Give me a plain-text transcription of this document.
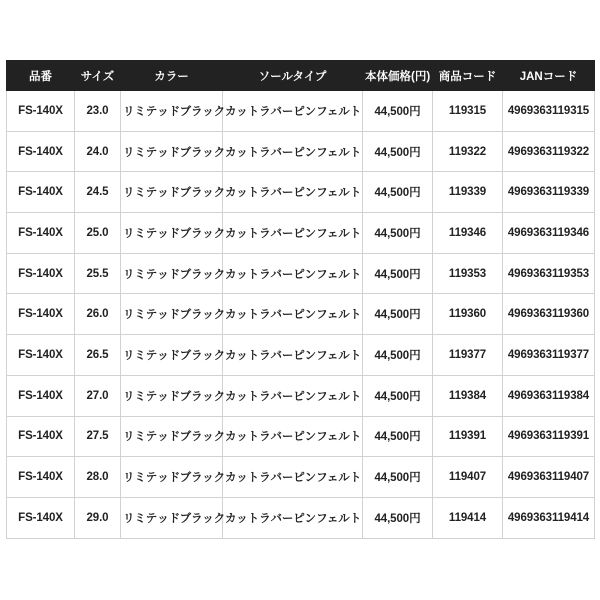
品番	サイズ	カラー	ソールタイプ	本体価格(円)	商品コード	JANコード
FS-140X	23.0	リミテッドブラック	カットラバーピンフェルト	44,500円	119315	4969363119315
FS-140X	24.0	リミテッドブラック	カットラバーピンフェルト	44,500円	119322	4969363119322
FS-140X	24.5	リミテッドブラック	カットラバーピンフェルト	44,500円	119339	4969363119339
FS-140X	25.0	リミテッドブラック	カットラバーピンフェルト	44,500円	119346	4969363119346
FS-140X	25.5	リミテッドブラック	カットラバーピンフェルト	44,500円	119353	4969363119353
FS-140X	26.0	リミテッドブラック	カットラバーピンフェルト	44,500円	119360	4969363119360
FS-140X	26.5	リミテッドブラック	カットラバーピンフェルト	44,500円	119377	4969363119377
FS-140X	27.0	リミテッドブラック	カットラバーピンフェルト	44,500円	119384	4969363119384
FS-140X	27.5	リミテッドブラック	カットラバーピンフェルト	44,500円	119391	4969363119391
FS-140X	28.0	リミテッドブラック	カットラバーピンフェルト	44,500円	119407	4969363119407
FS-140X	29.0	リミテッドブラック	カットラバーピンフェルト	44,500円	119414	4969363119414
